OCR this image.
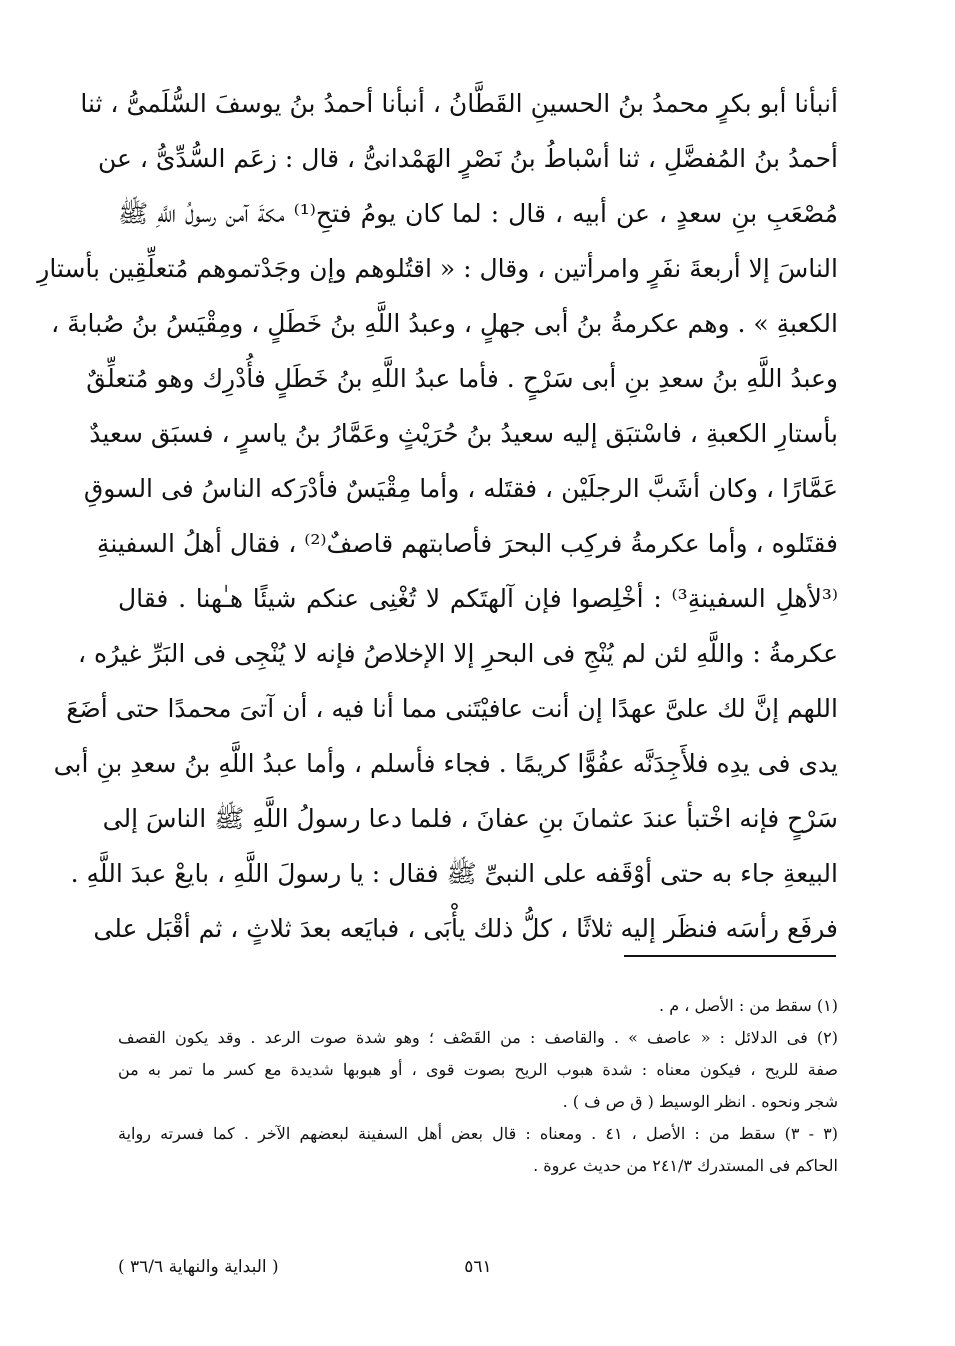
أنبأنا أبو بكرٍ محمدُ بنُ الحسينِ القَطَّانُ ، أنبأنا أحمدُ بنُ يوسفَ السُّلَمىُّ ، ثنا
أحمدُ بنُ المُفضَّلِ ، ثنا أسْباطُ بنُ نَصْرٍ الهَمْدانىُّ ، قال : زعَم السُّدِّىُّ ، عن
مُصْعَبِ بنِ سعدٍ ، عن أبيه ، قال : لما كان يومُ فتحِ⁽¹⁾ مكةَ آمن رسولُ اللَّهِ ﷺ
الناسَ إلا أربعةَ نفَرٍ وامرأتين ، وقال : « اقتُلوهم وإن وجَدْتموهم مُتعلِّقِين بأستارِ
الكعبةِ » . وهم عكرمةُ بنُ أبى جهلٍ ، وعبدُ اللَّهِ بنُ خَطَلٍ ، ومِقْيَسُ بنُ صُبابةَ ،
وعبدُ اللَّهِ بنُ سعدِ بنِ أبى سَرْحٍ . فأما عبدُ اللَّهِ بنُ خَطَلٍ فأُدْرِك وهو مُتعلِّقٌ
بأستارِ الكعبةِ ، فاسْتبَق إليه سعيدُ بنُ حُرَيْثٍ وعَمَّارُ بنُ ياسرٍ ، فسبَق سعيدٌ
عَمَّارًا ، وكان أشَبَّ الرجلَيْن ، فقتَله ، وأما مِقْيَسٌ فأدْرَكه الناسُ فى السوقِ
فقتَلوه ، وأما عكرمةُ فركِب البحرَ فأصابتهم قاصفٌ⁽²⁾ ، فقال أهلُ السفينةِ
⁽³لأهلِ السفينةِ³⁾ : أخْلِصوا فإن آلهتَكم لا تُغْنِى عنكم شيئًا هـٰهنا . فقال
عكرمةُ : واللَّهِ لئن لم يُنْجِ فى البحرِ إلا الإخلاصُ فإنه لا يُنْجِى فى البَرِّ غيرُه ،
اللهم إنَّ لك علىَّ عهدًا إن أنت عافيْتَنى مما أنا فيه ، أن آتىَ محمدًا حتى أضَعَ
يدى فى يدِه فلأَجِدَنَّه عفُوًّا كريمًا . فجاء فأسلم ، وأما عبدُ اللَّهِ بنُ سعدِ بنِ أبى
سَرْحٍ فإنه اخْتبأ عندَ عثمانَ بنِ عفانَ ، فلما دعا رسولُ اللَّهِ ﷺ الناسَ إلى
البيعةِ جاء به حتى أوْقَفه على النبىِّ ﷺ فقال : يا رسولَ اللَّهِ ، بايعْ عبدَ اللَّهِ .
فرفَع رأسَه فنظَر إليه ثلاثًا ، كلُّ ذلك يأْبَى ، فبايَعه بعدَ ثلاثٍ ، ثم أقْبَل على
(١) سقط من : الأصل ، م .
(٢) فى الدلائل : « عاصف » . والقاصف : من القَصْف ؛ وهو شدة صوت الرعد . وقد يكون القصف
صفة للريح ، فيكون معناه : شدة هبوب الريح بصوت قوى ، أو هبوبها شديدة مع كسر ما تمر به من
شجر ونحوه . انظر الوسيط ( ق ص ف ) .
(٣ - ٣) سقط من : الأصل ، ٤١ . ومعناه : قال بعض أهل السفينة لبعضهم الآخر . كما فسرته رواية
الحاكم فى المستدرك ٢٤١/٣ من حديث عروة .
٥٦١
( البداية والنهاية ٣٦/٦ )
